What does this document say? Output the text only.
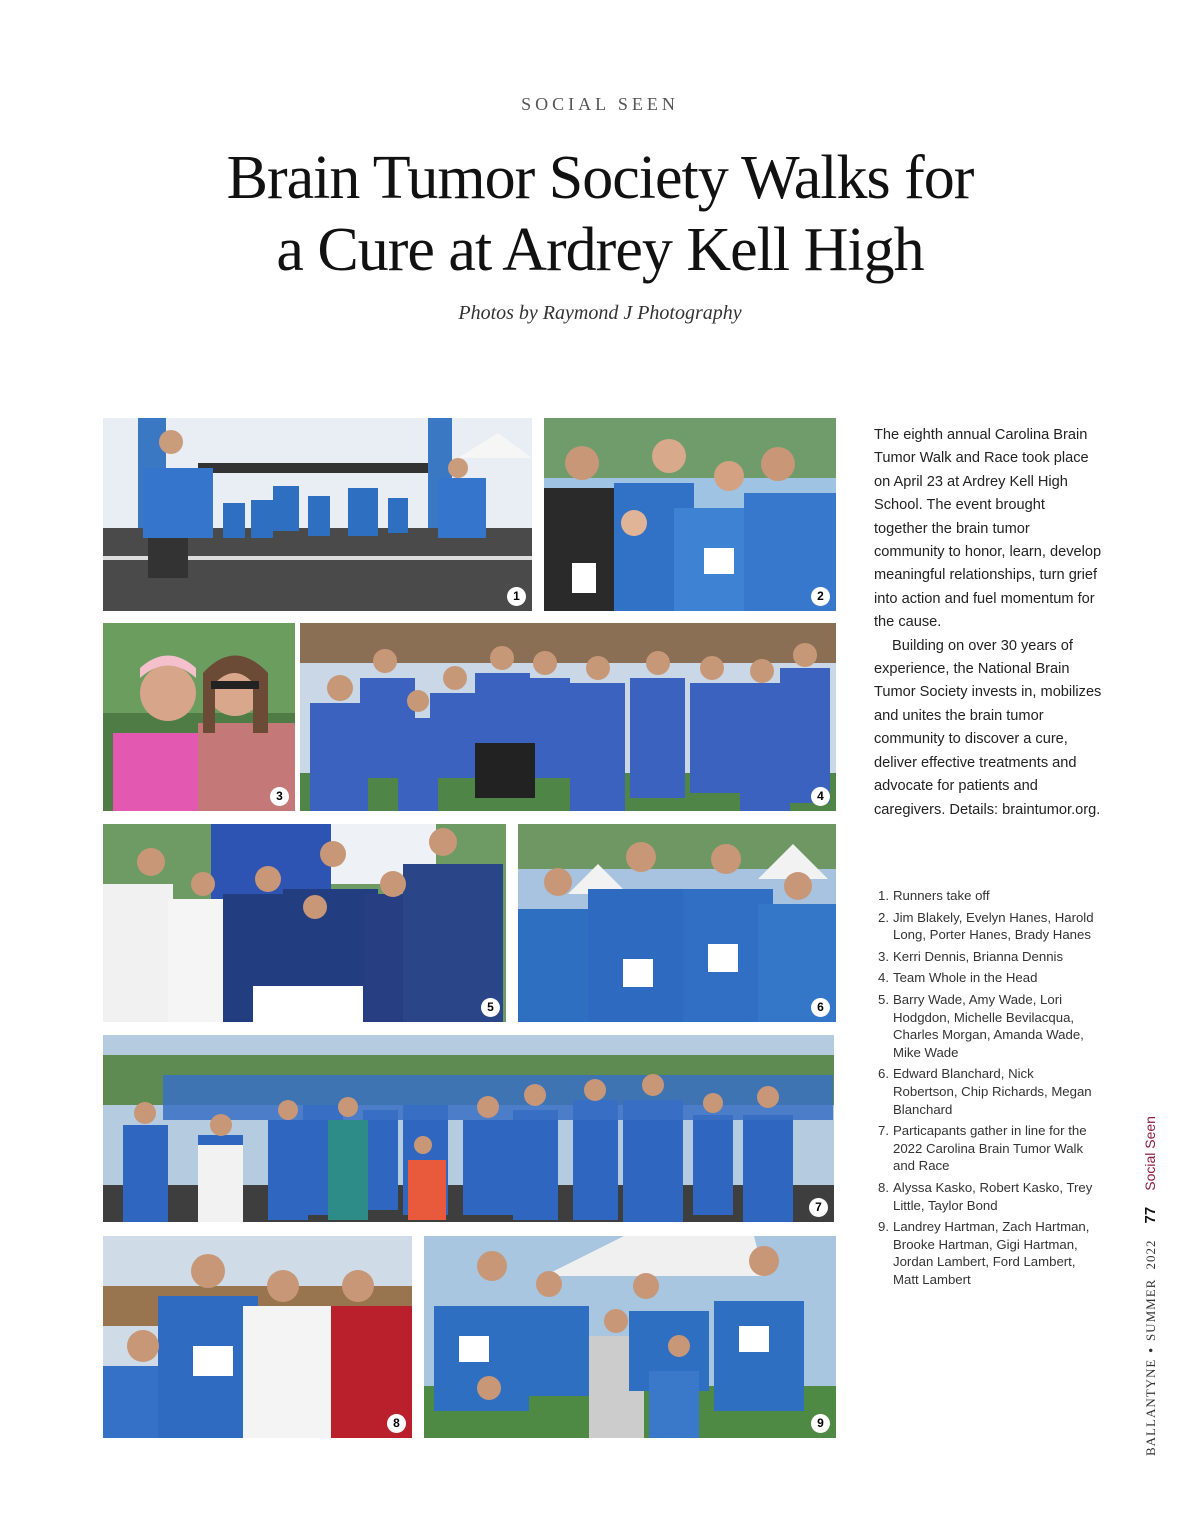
SOCIAL SEEN
Brain Tumor Society Walks for
a Cure at Ardrey Kell High
Photos by Raymond J Photography
1	2
3	4
5	6
7
8	9

The eighth annual Carolina Brain Tumor Walk and Race took place on April 23 at Ardrey Kell High School. The event brought together the brain tumor community to honor, learn, develop meaningful relationships, turn grief into action and fuel momentum for the cause.

Building on over 30 years of experience, the National Brain Tumor Society invests in, mobilizes and unites the brain tumor community to discover a cure, deliver effective treatments and advocate for patients and caregivers. Details: braintumor.org.

1. Runners take off
2. Jim Blakely, Evelyn Hanes, Harold Long, Porter Hanes, Brady Hanes
3. Kerri Dennis, Brianna Dennis
4. Team Whole in the Head
5. Barry Wade, Amy Wade, Lori Hodgdon, Michelle Bevilacqua, Charles Morgan, Amanda Wade, Mike Wade
6. Edward Blanchard, Nick Robertson, Chip Richards, Megan Blanchard
7. Particapants gather in line for the 2022 Carolina Brain Tumor Walk and Race
8. Alyssa Kasko, Robert Kasko, Trey Little, Taylor Bond
9. Landrey Hartman, Zach Hartman, Brooke Hartman, Gigi Hartman, Jordan Lambert, Ford Lambert, Matt Lambert
BALLANTYNE•SUMMER  202277Social Seen
